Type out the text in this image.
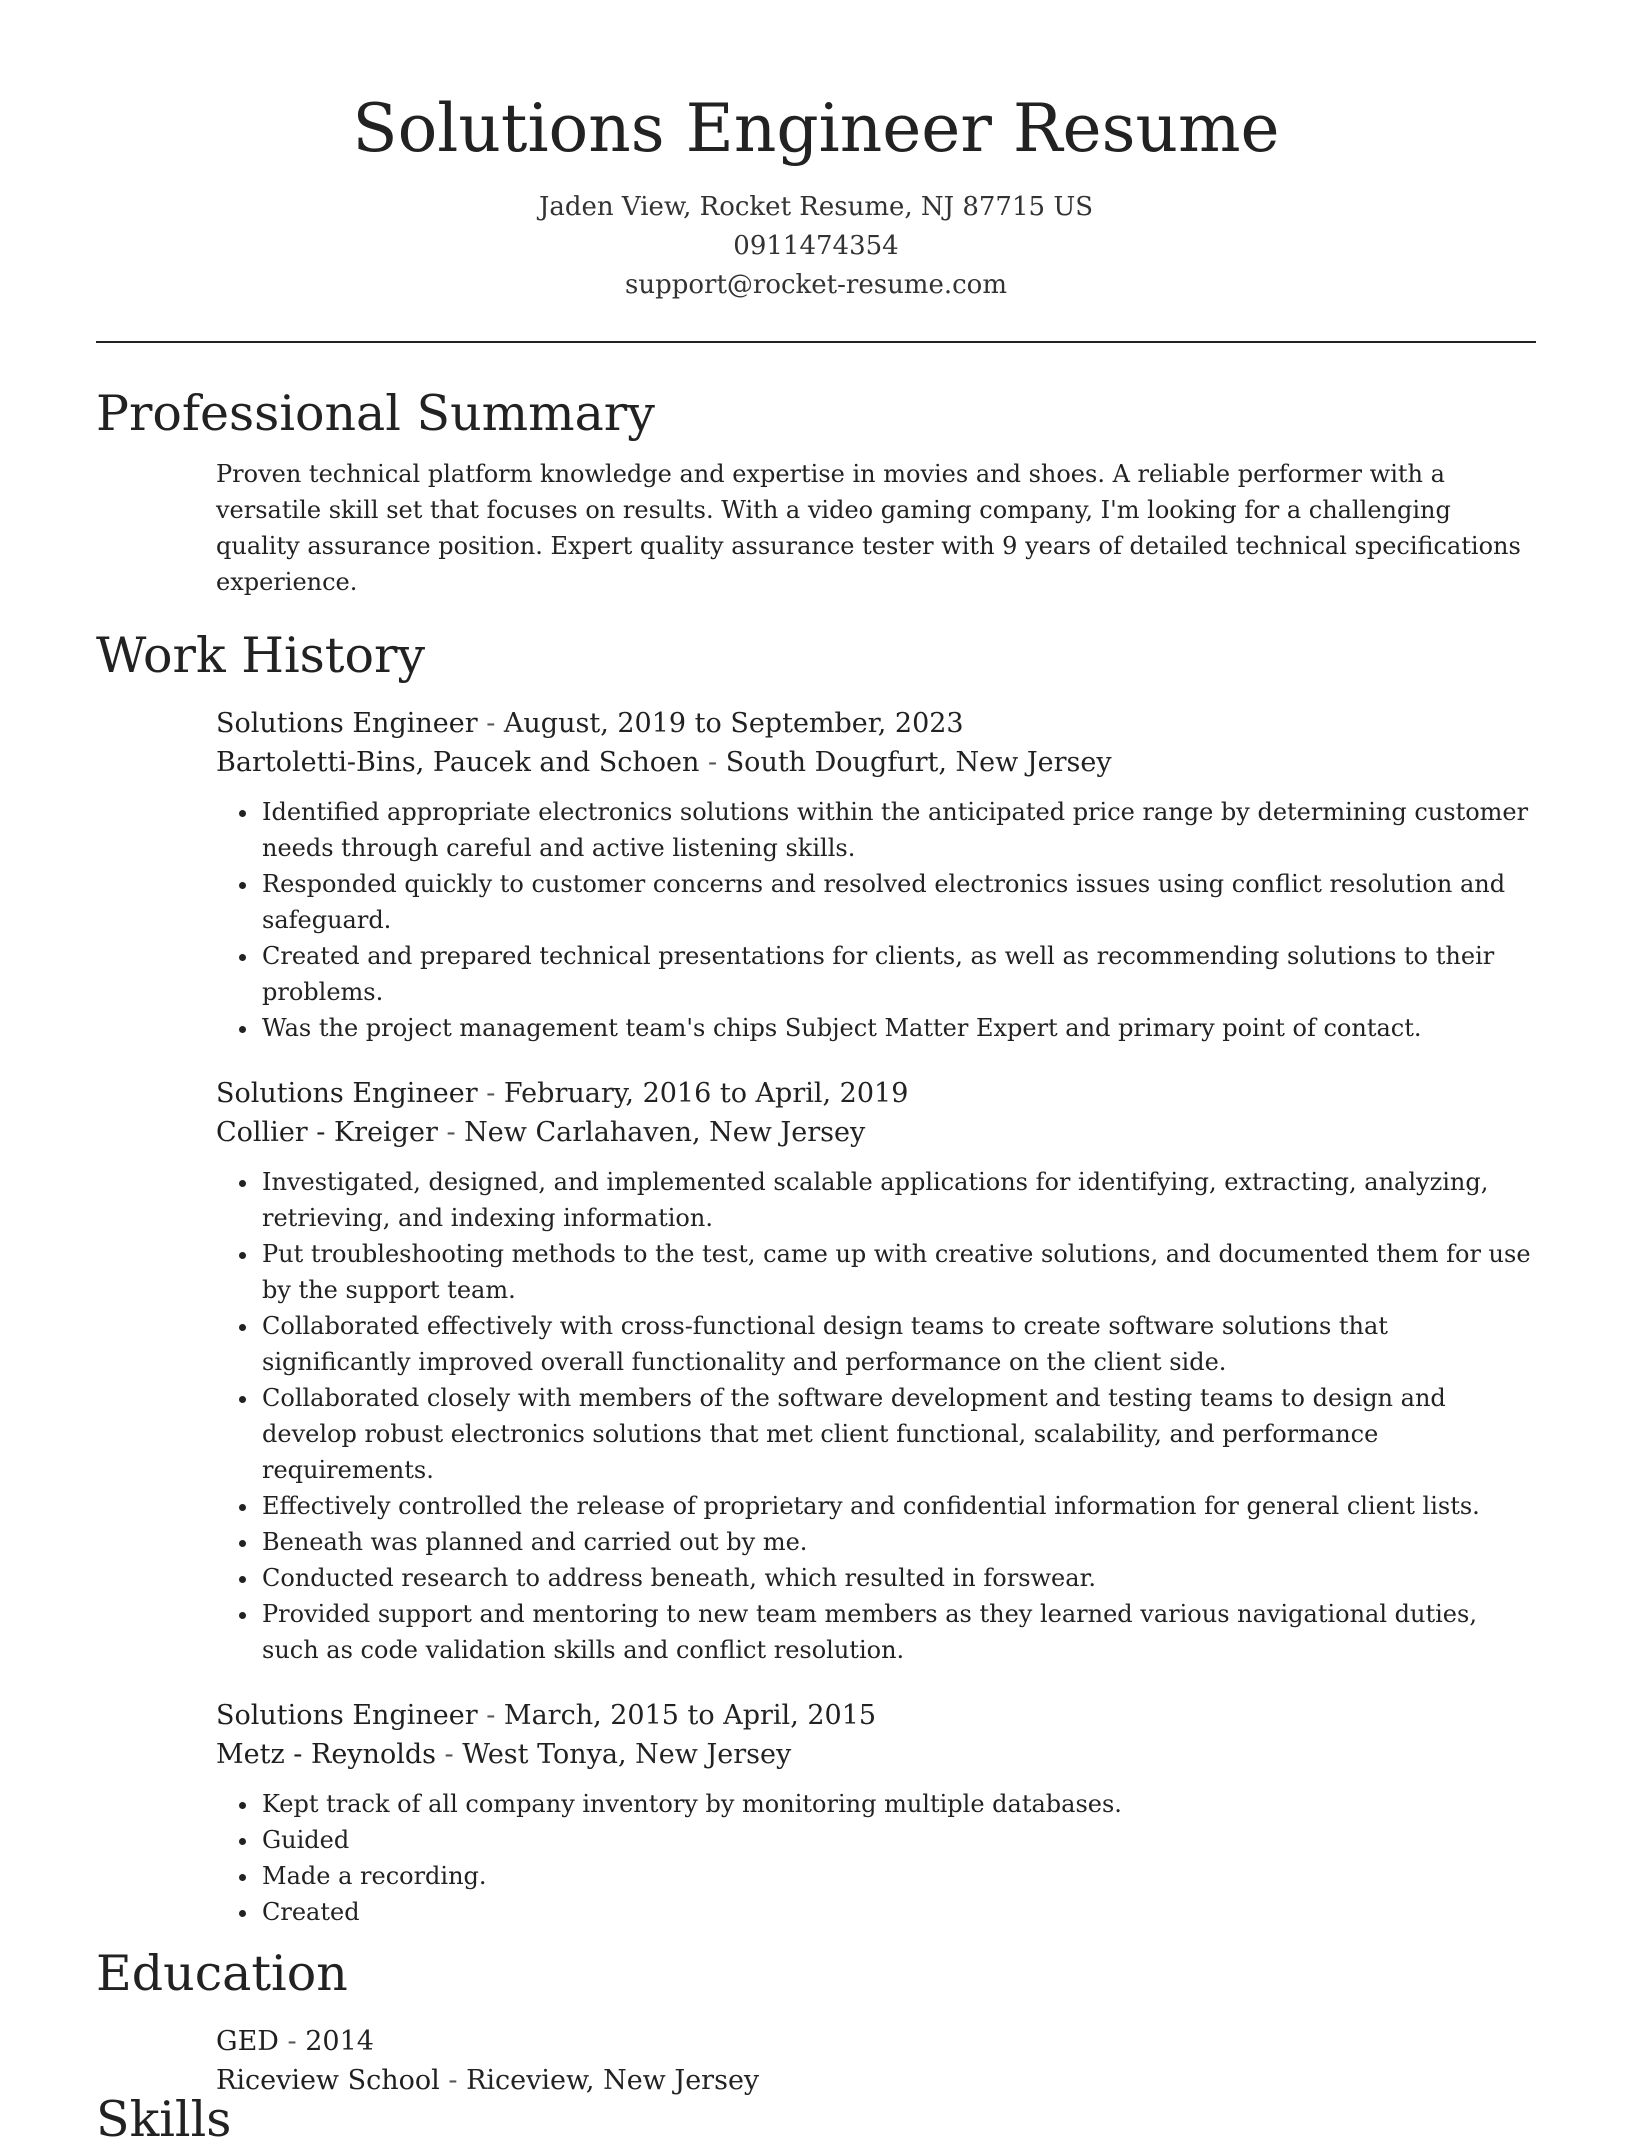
Solutions Engineer Resume
Jaden View, Rocket Resume, NJ 87715 US
0911474354
support@rocket-resume.com
Professional Summary

Proven technical platform knowledge and expertise in movies and shoes. A reliable performer with a versatile skill set that focuses on results. With a video gaming company, I'm looking for a challenging quality assurance position. Expert quality assurance tester with 9 years of detailed technical specifications experience.

Work History
Solutions Engineer - August, 2019 to September, 2023
Bartoletti-Bins, Paucek and Schoen - South Dougfurt, New Jersey
• Identified appropriate electronics solutions within the anticipated price range by determining customer needs through careful and active listening skills.
• Responded quickly to customer concerns and resolved electronics issues using conflict resolution and safeguard.
• Created and prepared technical presentations for clients, as well as recommending solutions to their problems.
• Was the project management team's chips Subject Matter Expert and primary point of contact.
Solutions Engineer - February, 2016 to April, 2019
Collier - Kreiger - New Carlahaven, New Jersey
• Investigated, designed, and implemented scalable applications for identifying, extracting, analyzing, retrieving, and indexing information.
• Put troubleshooting methods to the test, came up with creative solutions, and documented them for use by the support team.
• Collaborated effectively with cross-functional design teams to create software solutions that significantly improved overall functionality and performance on the client side.
• Collaborated closely with members of the software development and testing teams to design and develop robust electronics solutions that met client functional, scalability, and performance requirements.
• Effectively controlled the release of proprietary and confidential information for general client lists.
• Beneath was planned and carried out by me.
• Conducted research to address beneath, which resulted in forswear.
• Provided support and mentoring to new team members as they learned various navigational duties, such as code validation skills and conflict resolution.
Solutions Engineer - March, 2015 to April, 2015
Metz - Reynolds - West Tonya, New Jersey
• Kept track of all company inventory by monitoring multiple databases.
• Guided
• Made a recording.
• Created
Education
GED - 2014
Riceview School - Riceview, New Jersey
Skills
